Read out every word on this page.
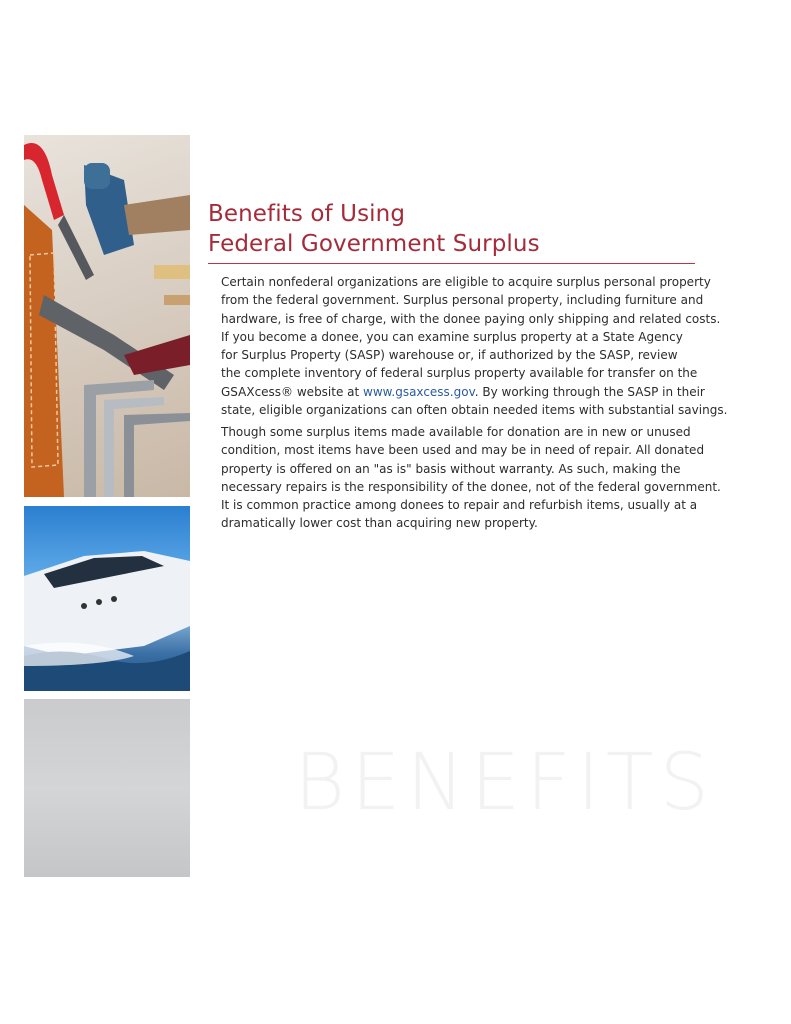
Benefits of Using
Federal Government Surplus

Certain nonfederal organizations are eligible to acquire surplus personal property
from the federal government. Surplus personal property, including furniture and
hardware, is free of charge, with the donee paying only shipping and related costs.
If you become a donee, you can examine surplus property at a State Agency
for Surplus Property (SASP) warehouse or, if authorized by the SASP, review
the complete inventory of federal surplus property available for transfer on the
GSAXcess® website at www.gsaxcess.gov. By working through the SASP in their
state, eligible organizations can often obtain needed items with substantial savings.

Though some surplus items made available for donation are in new or unused
condition, most items have been used and may be in need of repair. All donated
property is offered on an "as is" basis without warranty. As such, making the
necessary repairs is the responsibility of the donee, not of the federal government.
It is common practice among donees to repair and refurbish items, usually at a
dramatically lower cost than acquiring new property.

BENEFITS
